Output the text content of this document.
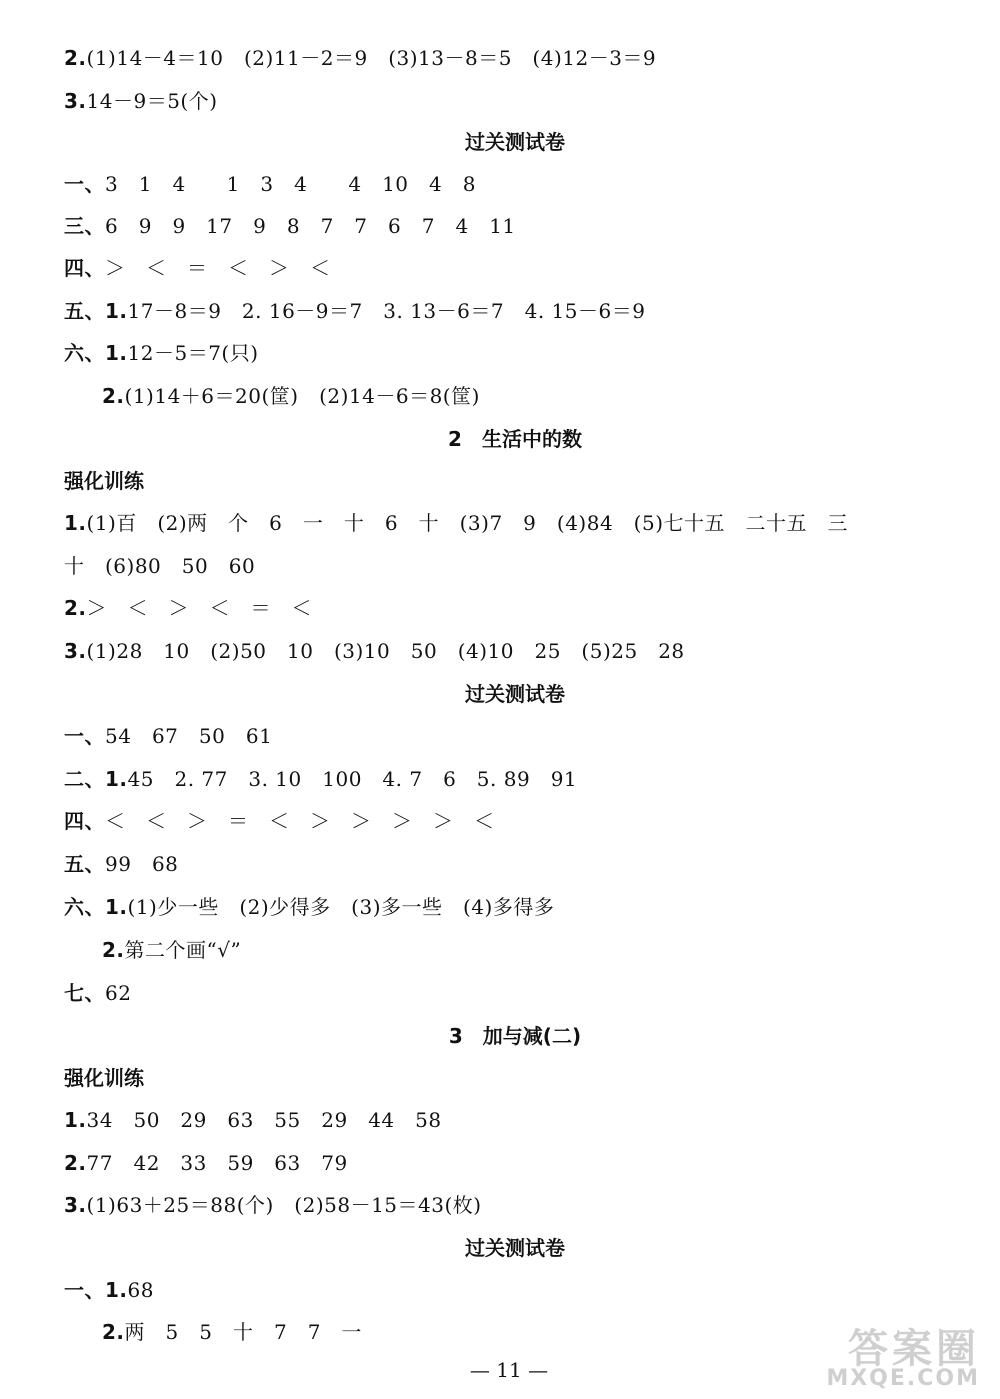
过关测试卷
2　生活中的数
过关测试卷
3　加与减(二)
过关测试卷
强化训练
强化训练
2.(1)14－4＝10　(2)11－2＝9　(3)13－8＝5　(4)12－3＝9
3.14－9＝5(个)
一、3　1　4　　1　3　4　　4　10　4　8
三、6　9　9　17　9　8　7　7　6　7　4　11
四、＞　＜　＝　＜　＞　＜
五、1.17－8＝9　2. 16－9＝7　3. 13－6＝7　4. 15－6＝9
六、1.12－5＝7(只)
2.(1)14＋6＝20(筐)　(2)14－6＝8(筐)
1.(1)百　(2)两　个　6　一　十　6　十　(3)7　9　(4)84　(5)七十五　二十五　三
十　(6)80　50　60
2.＞　＜　＞　＜　＝　＜
3.(1)28　10　(2)50　10　(3)10　50　(4)10　25　(5)25　28
一、54　67　50　61
二、1.45　2. 77　3. 10　100　4. 7　6　5. 89　91
四、＜　＜　＞　＝　＜　＞　＞　＞　＞　＜
五、99　68
六、1.(1)少一些　(2)少得多　(3)多一些　(4)多得多
2.第二个画“√”
七、62
1.34　50　29　63　55　29　44　58
2.77　42　33　59　63　79
3.(1)63＋25＝88(个)　(2)58－15＝43(枚)
一、1.68
2.两　5　5　十　7　7　一
— 11 —	答案圈
MXQE.COM
